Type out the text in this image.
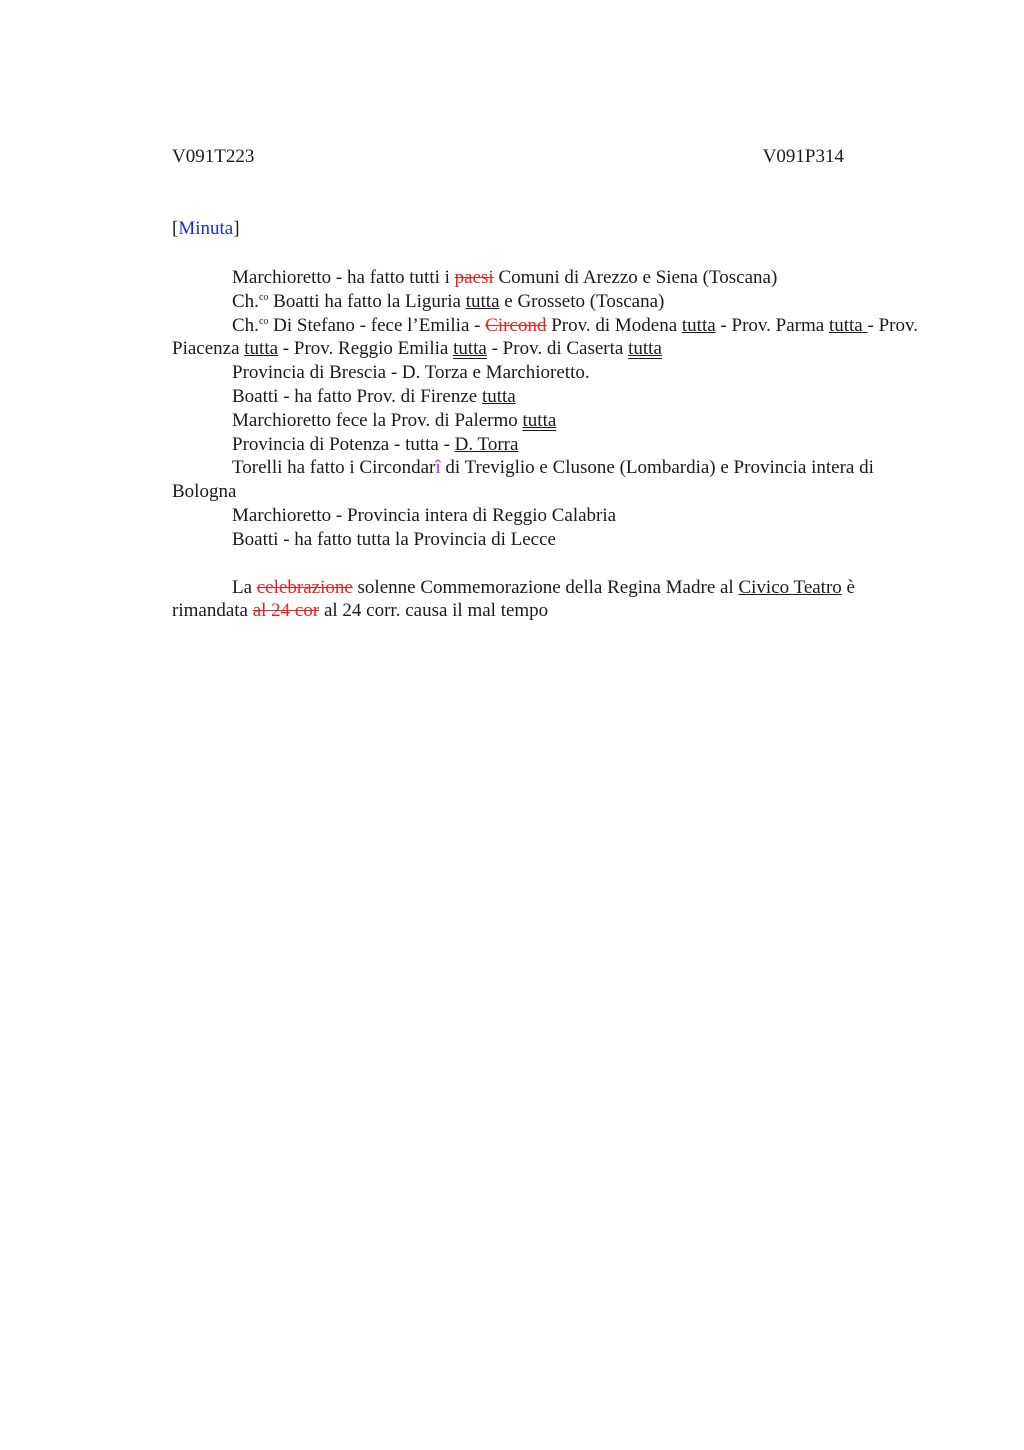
V091T223	V091P314
[Minuta]

Marchioretto - ha fatto tutti i paesi Comuni di Arezzo e Siena (Toscana)

Ch.$^{co}$ Boatti ha fatto la Liguria tutta e Grosseto (Toscana)

Ch.$^{co}$ Di Stefano - fece l’Emilia - Circond Prov. di Modena tutta - Prov. Parma tutta - Prov. Piacenza tutta - Prov. Reggio Emilia tutta - Prov. di Caserta tutta

Provincia di Brescia - D. Torza e Marchioretto.

Boatti - ha fatto Prov. di Firenze tutta

Marchioretto fece la Prov. di Palermo tutta

Provincia di Potenza - tutta - D. Torra

Torelli ha fatto i Circondarî di Treviglio e Clusone (Lombardia) e Provincia intera di Bologna

Marchioretto - Provincia intera di Reggio Calabria

Boatti - ha fatto tutta la Provincia di Lecce

La celebrazione solenne Commemorazione della Regina Madre al Civico Teatro è rimandata al 24 cor al 24 corr. causa il mal tempo
